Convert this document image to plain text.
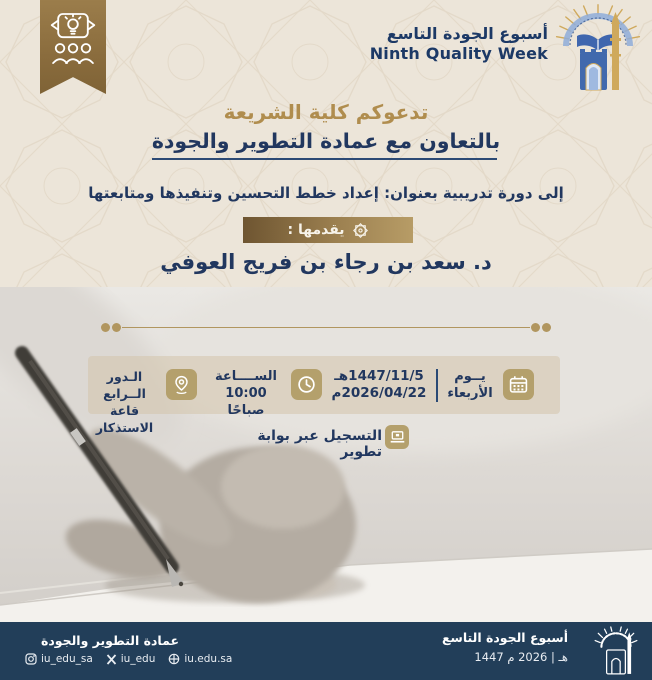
أسبوع الجودة التاسع
Ninth Quality Week
تدعوكم كلية الشريعة
بالتعاون مع عمادة التطوير والجودة
إلى دورة تدريبية بعنوان: إعداد خطط التحسين وتنفيذها ومتابعتها
يقدمها :
د. سعد بن رجاء بن فريج العوفي
يــوم
الأربعاء
1447/11/5هـ
2026/04/22م
الســــاعة
10:00 صباحًا
الـدور الــرابع
قاعة الاستذكار
التسجيل عبر بوابة تطوير
عمادة التطوير والجودة
iu_edu_sa	iu_edu	iu.edu.sa
أسبوع الجودة التاسع
1447 هـ | 2026 م
